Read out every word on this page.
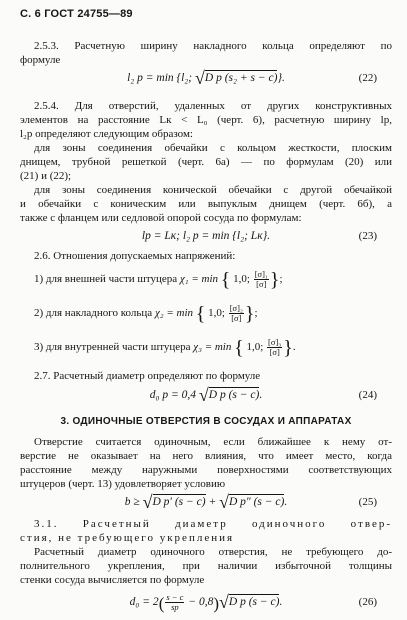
С. 6 ГОСТ 24755—89
2.5.3. Расчетную ширину накладного кольца определяют по
формуле
l₂ p = min {l₂; √D p (s₂ + s − c)}.	(22)
2.5.4. Для отверстий, удаленных от других конструктивных
элементов на расстояние Lк < L₀ (черт. 6), расчетную ширину lp,
l₂p определяют следующим образом:
для зоны соединения обечайки с кольцом жесткости, плоским
днищем, трубной решеткой (черт. 6а) — по формулам (20) или
(21) и (22);
для зоны соединения конической обечайки с другой обечайкой
и обечайки с коническим или выпуклым днищем (черт. 6б), а
также с фланцем или седловой опорой сосуда по формулам:
lp = Lк; l₂ p = min {l₂; Lк}.	(23)
2.6. Отношения допускаемых напряжений:
1) для внешней части штуцера χ₁ = min { 1,0; $\frac{\text{[σ]₁}}{[\sigma]}$ };
2) для накладного кольца χ₂ = min { 1,0; $\frac{\text{[σ]₂}}{[\sigma]}$ };
3) для внутренней части штуцера χ₃ = min { 1,0; $\frac{\text{[σ]₃}}{[\sigma]}$ }.
2.7. Расчетный диаметр определяют по формуле
d₀ p = 0,4 √D p (s − c).	(24)
3. ОДИНОЧНЫЕ ОТВЕРСТИЯ В СОСУДАХ И АППАРАТАХ
Отверстие считается одиночным, если ближайшее к нему от-
верстие не оказывает на него влияния, что имеет место, когда
расстояние между наружными поверхностями соответствующих
штуцеров (черт. 13) удовлетворяет условию
b ≥ √D p′ (s − c) + √D p″ (s − c).	(25)
3.1. Расчетный диаметр одиночного отвер-
стия, не требующего укрепления
Расчетный диаметр одиночного отверстия, не требующего до-
полнительного укрепления, при наличии избыточной толщины
стенки сосуда вычисляется по формуле
$d_0 = 2( \frac{s - c}{sp} - 0,8)√D$ p (s − c).	(26)
